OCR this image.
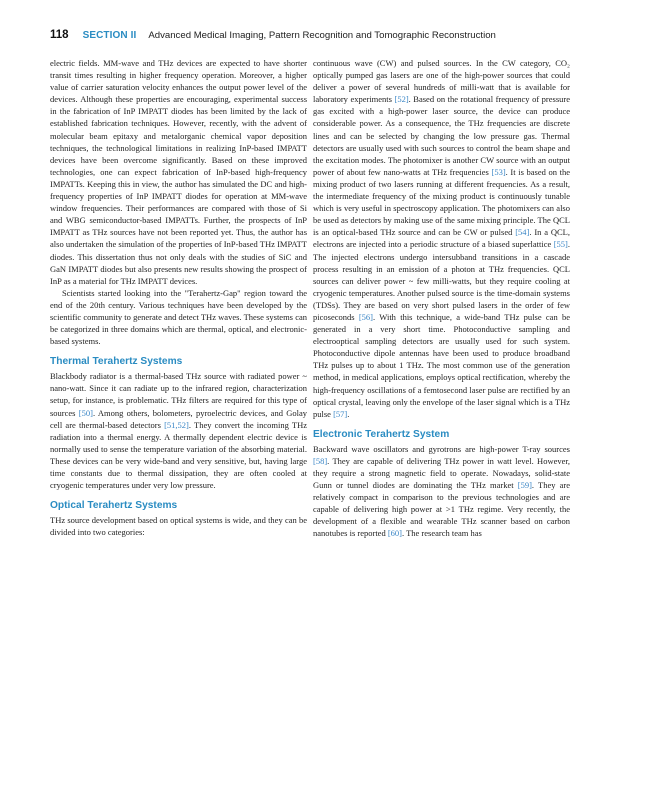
118 SECTION II Advanced Medical Imaging, Pattern Recognition and Tomographic Reconstruction

electric fields. MM-wave and THz devices are expected to have shorter transit times resulting in higher frequency operation. Moreover, a higher value of carrier saturation velocity enhances the output power level of the devices. Although these properties are encouraging, experimental success in the fabrication of InP IMPATT diodes has been limited by the lack of established fabrication techniques. However, recently, with the advent of molecular beam epitaxy and metalorganic chemical vapor deposition techniques, the technological limitations in realizing InP-based IMPATT devices have been overcome significantly. Based on these improved technologies, one can expect fabrication of InP-based high-frequency IMPATTs. Keeping this in view, the author has simulated the DC and high-frequency properties of InP IMPATT diodes for operation at MM-wave window frequencies. Their performances are compared with those of Si and WBG semiconductor-based IMPATTs. Further, the prospects of InP IMPATT as THz sources have not been reported yet. Thus, the author has also undertaken the simulation of the properties of InP-based THz IMPATT diodes. This dissertation thus not only deals with the studies of SiC and GaN IMPATT diodes but also presents new results showing the prospect of InP as a material for THz IMPATT devices.

Scientists started looking into the "Terahertz-Gap" region toward the end of the 20th century. Various techniques have been developed by the scientific community to generate and detect THz waves. These systems can be categorized in three domains which are thermal, optical, and electronic-based systems.

Thermal Terahertz Systems

Blackbody radiator is a thermal-based THz source with radiated power ~ nano-watt. Since it can radiate up to the infrared region, characterization setup, for instance, is problematic. THz filters are required for this type of sources [50]. Among others, bolometers, pyroelectric devices, and Golay cell are thermal-based detectors [51,52]. They convert the incoming THz radiation into a thermal energy. A thermally dependent electric device is normally used to sense the temperature variation of the absorbing material. These devices can be very wide-band and very sensitive, but, having large time constants due to thermal dissipation, they are often cooled at cryogenic temperatures under very low pressure.

Optical Terahertz Systems

THz source development based on optical systems is wide, and they can be divided into two categories:

continuous wave (CW) and pulsed sources. In the CW category, CO₂ optically pumped gas lasers are one of the high-power sources that could deliver a power of several hundreds of milli-watt that is available for laboratory experiments [52]. Based on the rotational frequency of pressure gas excited with a high-power laser source, the device can produce considerable power. As a consequence, the THz frequencies are discrete lines and can be selected by changing the low pressure gas. Thermal detectors are usually used with such sources to control the beam shape and the excitation modes. The photomixer is another CW source with an output power of about few nano-watts at THz frequencies [53]. It is based on the mixing product of two lasers running at different frequencies. As a result, the intermediate frequency of the mixing product is continuously tunable which is very useful in spectroscopy application. The photomixers can also be used as detectors by making use of the same mixing principle. The QCL is an optical-based THz source and can be CW or pulsed [54]. In a QCL, electrons are injected into a periodic structure of a biased superlattice [55]. The injected electrons undergo intersubband transitions in a cascade process resulting in an emission of a photon at THz frequencies. QCL sources can deliver power ~ few milli-watts, but they require cooling at cryogenic temperatures. Another pulsed source is the time-domain systems (TDSs). They are based on very short pulsed lasers in the order of few picoseconds [56]. With this technique, a wide-band THz pulse can be generated in a very short time. Photoconductive sampling and electrooptical sampling detectors are usually used for such system. Photoconductive dipole antennas have been used to produce broadband THz pulses up to about 1 THz. The most common use of the generation method, in medical applications, employs optical rectification, whereby the high-frequency oscillations of a femtosecond laser pulse are rectified by an optical crystal, leaving only the envelope of the laser signal which is a THz pulse [57].

Electronic Terahertz System

Backward wave oscillators and gyrotrons are high-power T-ray sources [58]. They are capable of delivering THz power in watt level. However, they require a strong magnetic field to operate. Nowadays, solid-state Gunn or tunnel diodes are dominating the THz market [59]. They are relatively compact in comparison to the previous technologies and are capable of delivering high power at >1 THz regime. Very recently, the development of a flexible and wearable THz scanner based on carbon nanotubes is reported [60]. The research team has
